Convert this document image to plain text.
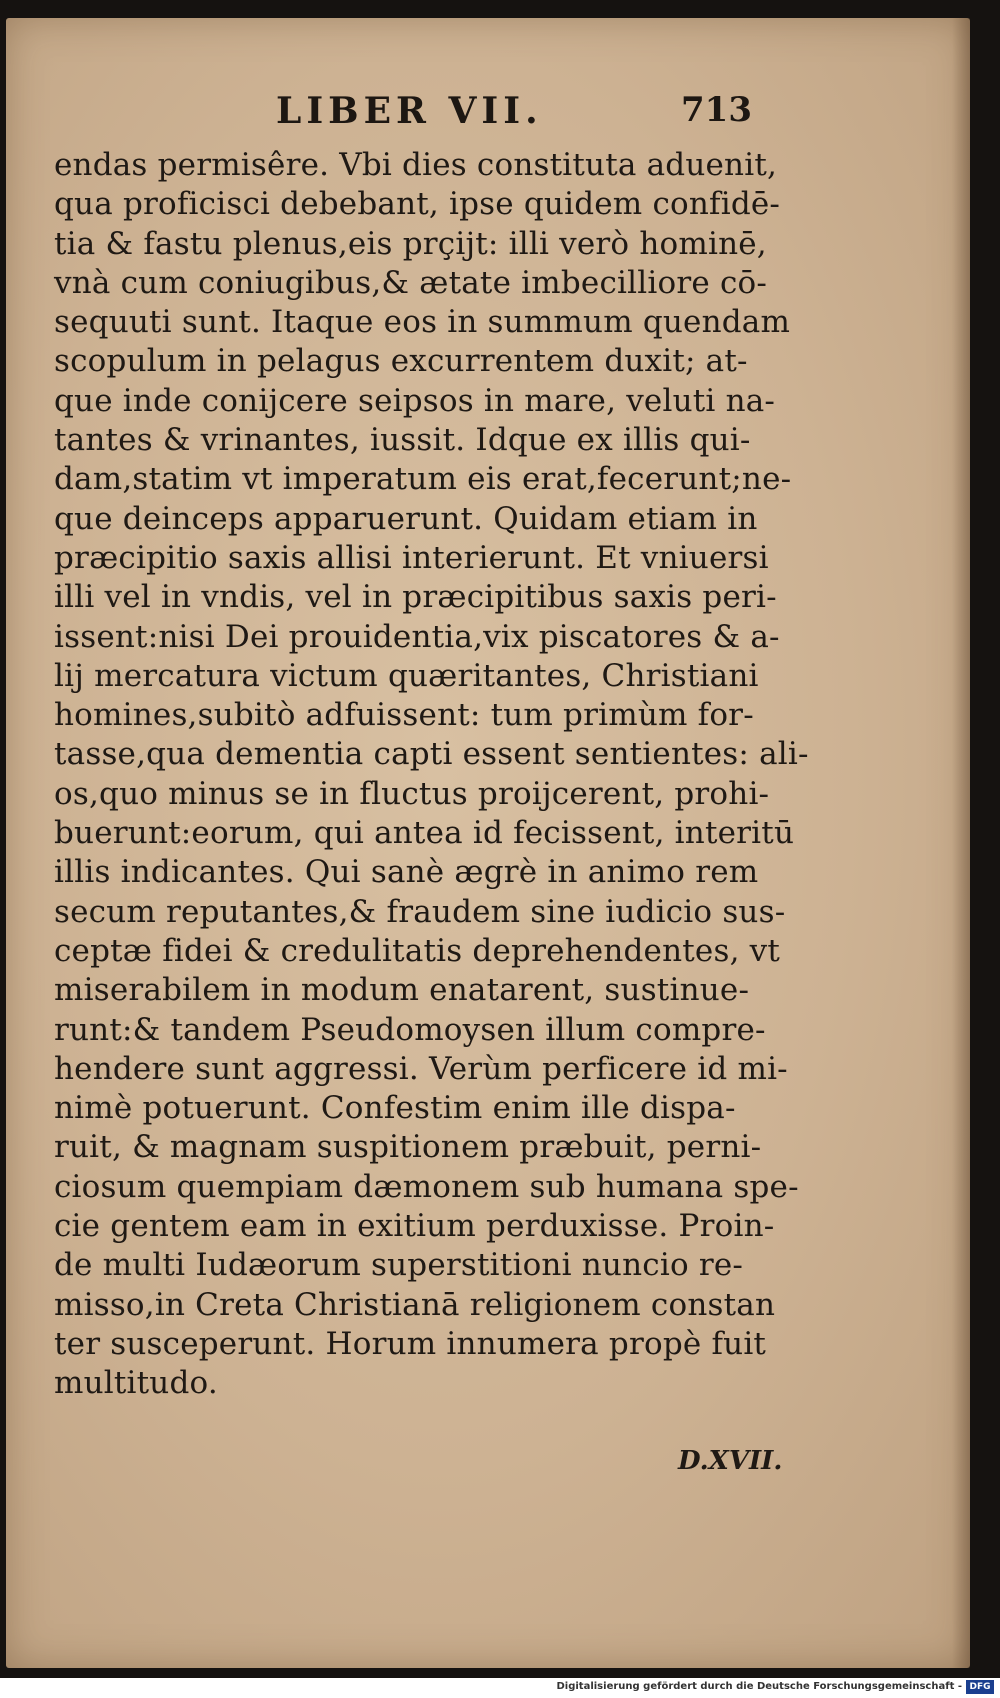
LIBER VII.	713
endas permisêre. Vbi dies constituta aduenit,
qua proficisci debebant, ipse quidem confidē-
tia & fastu plenus,eis prçijt: illi verò hominē,
vnà cum coniugibus,& ætate imbecilliore cō-
sequuti sunt. Itaque eos in summum quendam
scopulum in pelagus excurrentem duxit; at-
que inde conijcere seipsos in mare, veluti na-
tantes & vrinantes, iussit. Idque ex illis qui-
dam,statim vt imperatum eis erat,fecerunt;ne-
que deinceps apparuerunt. Quidam etiam in
præcipitio saxis allisi interierunt. Et vniuersi
illi vel in vndis, vel in præcipitibus saxis peri-
issent:nisi Dei prouidentia,vix piscatores & a-
lij mercatura victum quæritantes, Christiani
homines,subitò adfuissent: tum primùm for-
tasse,qua dementia capti essent sentientes: ali-
os,quo minus se in fluctus proijcerent, prohi-
buerunt:eorum, qui antea id fecissent, interitū
illis indicantes. Qui sanè ægrè in animo rem
secum reputantes,& fraudem sine iudicio sus-
ceptæ fidei & credulitatis deprehendentes, vt
miserabilem in modum enatarent, sustinue-
runt:& tandem Pseudomoysen illum compre-
hendere sunt aggressi. Verùm perficere id mi-
nimè potuerunt. Confestim enim ille dispa-
ruit, & magnam suspitionem præbuit, perni-
ciosum quempiam dæmonem sub humana spe-
cie gentem eam in exitium perduxisse. Proin-
de multi Iudæorum superstitioni nuncio re-
misso,in Creta Christianā religionem constan
ter susceperunt. Horum innumera propè fuit
multitudo.
D.XVII.
Digitalisierung gefördert durch die Deutsche Forschungsgemeinschaft - DFG
